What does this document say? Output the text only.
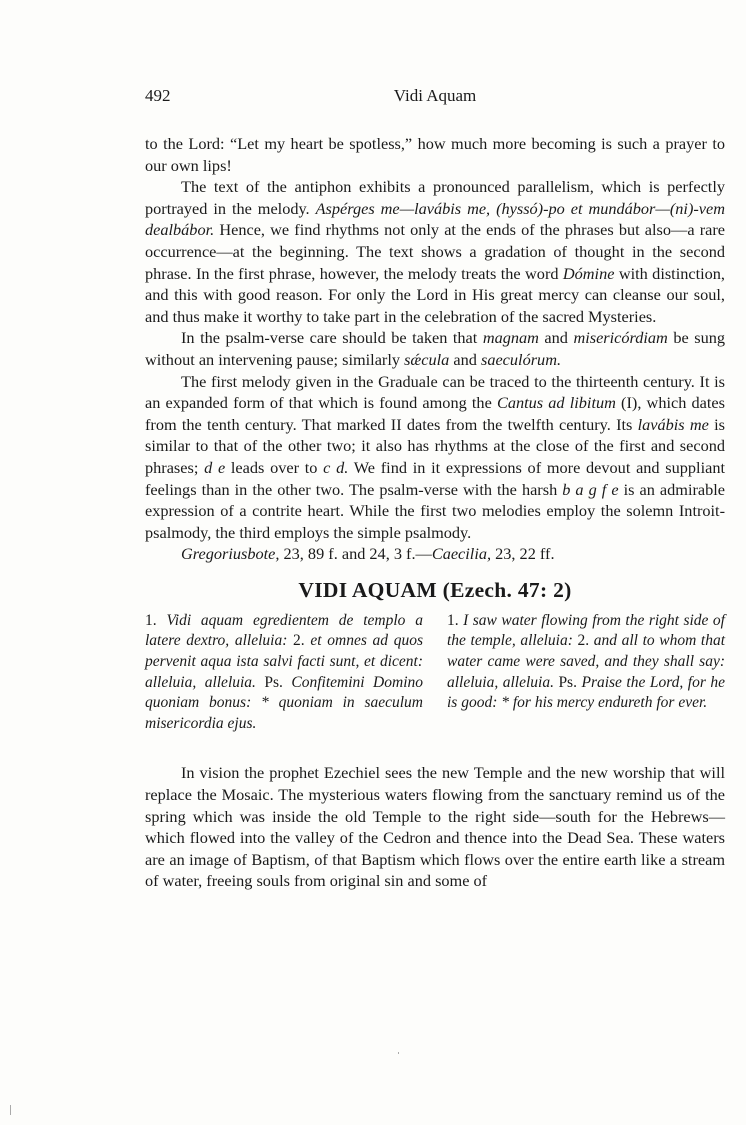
492	Vidi Aquam

to the Lord: “Let my heart be spotless,” how much more becoming is such a prayer to our own lips!

The text of the antiphon exhibits a pronounced parallelism, which is perfectly portrayed in the melody. Aspérges me—lavábis me, (hyssó)-po et mundábor—(ni)-vem dealbábor. Hence, we find rhythms not only at the ends of the phrases but also—a rare occurrence—at the beginning. The text shows a gradation of thought in the second phrase. In the first phrase, however, the melody treats the word Dómine with distinction, and this with good reason. For only the Lord in His great mercy can cleanse our soul, and thus make it worthy to take part in the celebration of the sacred Mysteries.

In the psalm-verse care should be taken that magnam and misericórdiam be sung without an intervening pause; similarly sǽcula and saeculórum.

The first melody given in the Graduale can be traced to the thirteenth century. It is an expanded form of that which is found among the Cantus ad libitum (I), which dates from the tenth century. That marked II dates from the twelfth century. Its lavábis me is similar to that of the other two; it also has rhythms at the close of the first and second phrases; d e leads over to c d. We find in it expressions of more devout and suppliant feelings than in the other two. The psalm-verse with the harsh b a g f e is an admirable expression of a contrite heart. While the first two melodies employ the solemn Introit-psalmody, the third employs the simple psalmody.

Gregoriusbote, 23, 89 f. and 24, 3 f.—Caecilia, 23, 22 ff.
VIDI AQUAM (Ezech. 47: 2)
1. Vidi aquam egredientem de templo a latere dextro, alleluia: 2. et omnes ad quos pervenit aqua ista salvi facti sunt, et dicent: alleluia, alleluia. Ps. Confitemini Domino quoniam bonus: * quoniam in saeculum misericordia ejus.
1. I saw water flowing from the right side of the temple, alleluia: 2. and all to whom that water came were saved, and they shall say: alleluia, alleluia. Ps. Praise the Lord, for he is good: * for his mercy endureth for ever.

In vision the prophet Ezechiel sees the new Temple and the new worship that will replace the Mosaic. The mysterious waters flowing from the sanctuary remind us of the spring which was inside the old Temple to the right side—south for the Hebrews—which flowed into the valley of the Cedron and thence into the Dead Sea. These waters are an image of Baptism, of that Baptism which flows over the entire earth like a stream of water, freeing souls from original sin and some of
